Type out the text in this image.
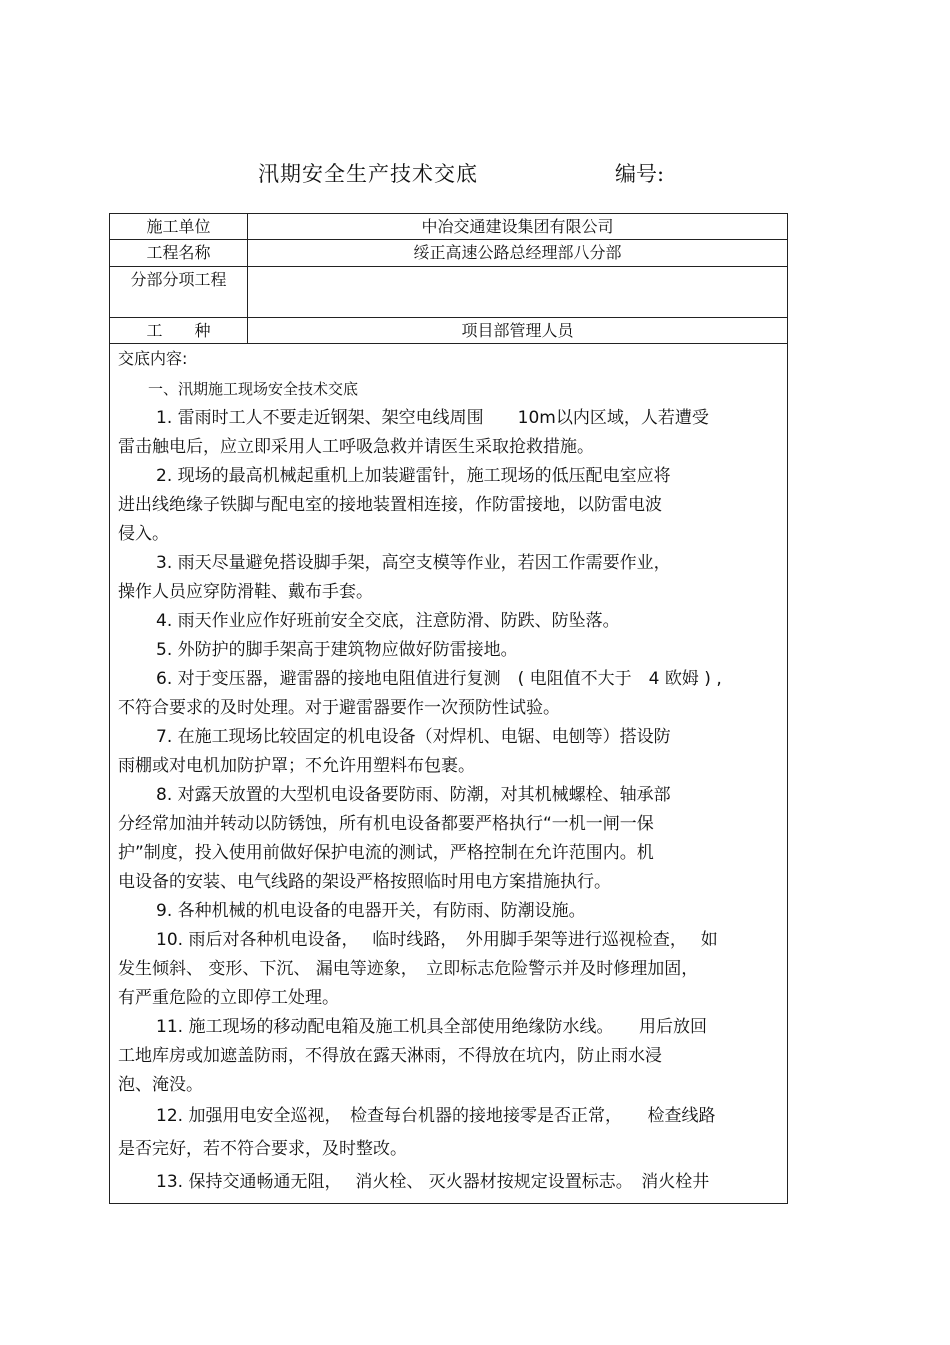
汛期安全生产技术交底	编号:
施工单位	中冶交通建设集团有限公司
工程名称	绥正高速公路总经理部八分部
分部分项工程
工　　种	项目部管理人员
交底内容:
一、汛期施工现场安全技术交底
1. 雷雨时工人不要走近钢架、架空电线周围　　10m以内区域，人若遭受
雷击触电后，应立即采用人工呼吸急救并请医生采取抢救措施。
2. 现场的最高机械起重机上加装避雷针，施工现场的低压配电室应将
进出线绝缘子铁脚与配电室的接地装置相连接，作防雷接地，以防雷电波
侵入。
3. 雨天尽量避免搭设脚手架，高空支模等作业，若因工作需要作业，
操作人员应穿防滑鞋、戴布手套。
4. 雨天作业应作好班前安全交底，注意防滑、防跌、防坠落。
5. 外防护的脚手架高于建筑物应做好防雷接地。
6. 对于变压器，避雷器的接地电阻值进行复测　( 电阻值不大于　4 欧姆 ) ,
不符合要求的及时处理。对于避雷器要作一次预防性试验。
7. 在施工现场比较固定的机电设备（对焊机、电锯、电刨等）搭设防
雨棚或对电机加防护罩；不允许用塑料布包裹。
8. 对露天放置的大型机电设备要防雨、防潮，对其机械螺栓、轴承部
分经常加油并转动以防锈蚀，所有机电设备都要严格执行“一机一闸一保
护”制度，投入使用前做好保护电流的测试，严格控制在允许范围内。机
电设备的安装、电气线路的架设严格按照临时用电方案措施执行。
9. 各种机械的机电设备的电器开关，有防雨、防潮设施。
10. 雨后对各种机电设备，　 临时线路，　外用脚手架等进行巡视检查，　 如
发生倾斜、 变形、下沉、 漏电等迹象，　立即标志危险警示并及时修理加固，
有严重危险的立即停工处理。
11. 施工现场的移动配电箱及施工机具全部使用绝缘防水线。　　用后放回
工地库房或加遮盖防雨，不得放在露天淋雨，不得放在坑内，防止雨水浸
泡、淹没。
12. 加强用电安全巡视，　检查每台机器的接地接零是否正常，　　检查线路
是否完好，若不符合要求，及时整改。
13. 保持交通畅通无阻，　 消火栓、 灭火器材按规定设置标志。　消火栓井
